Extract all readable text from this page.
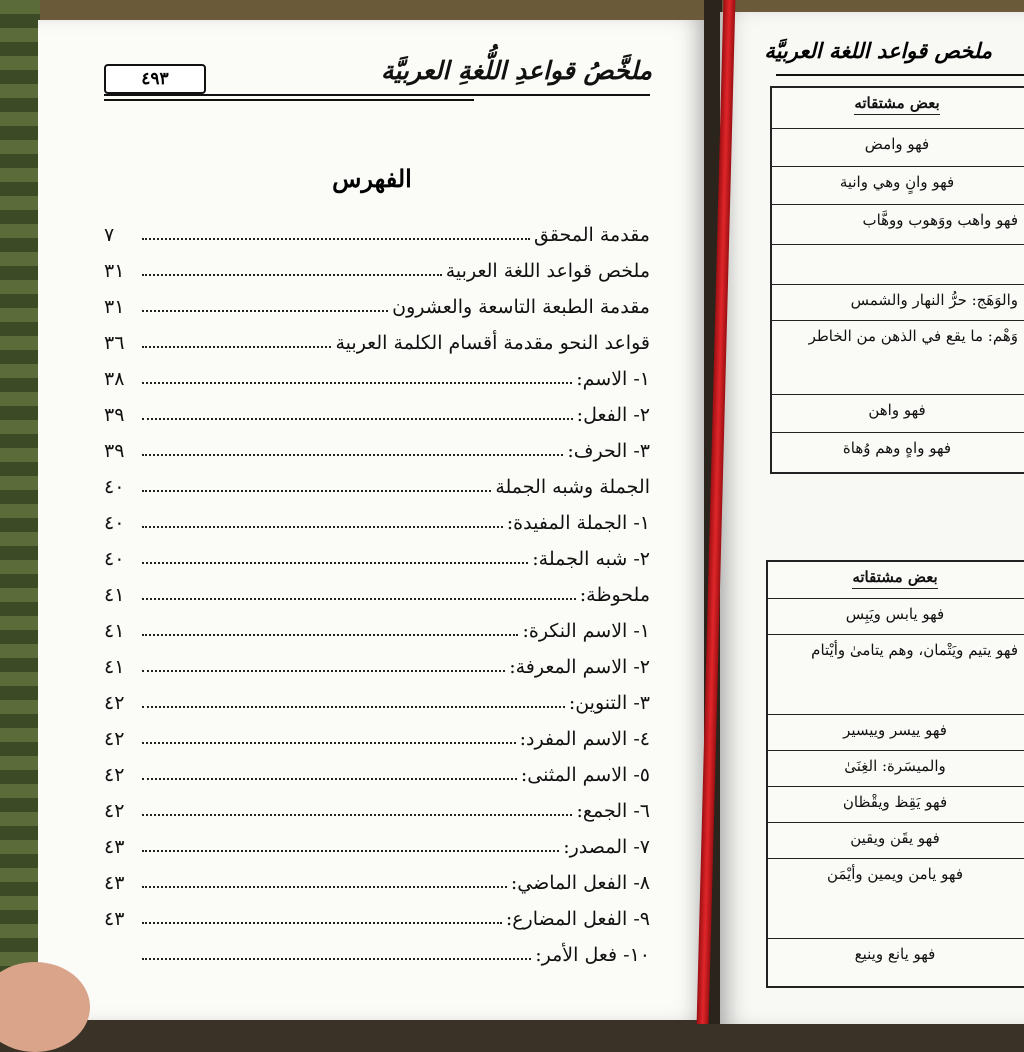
ملخَّصُ قواعدِ اللُّغةِ العربيَّة
٤٩٣
الفهرس
مقدمة المحقق
٧
ملخص قواعد اللغة العربية
٣١
مقدمة الطبعة التاسعة والعشرون
٣١
قواعد النحو مقدمة أقسام الكلمة العربية
٣٦
١- الاسم:
٣٨
٢- الفعل:
٣٩
٣- الحرف:
٣٩
الجملة وشبه الجملة
٤٠
١- الجملة المفيدة:
٤٠
٢- شبه الجملة:
٤٠
ملحوظة:
٤١
١- الاسم النكرة:
٤١
٢- الاسم المعرفة:
٤١
٣- التنوين:
٤٢
٤- الاسم المفرد:
٤٢
٥- الاسم المثنى:
٤٢
٦- الجمع:
٤٢
٧- المصدر:
٤٣
٨- الفعل الماضي:
٤٣
٩- الفعل المضارع:
٤٣
١٠- فعل الأمر:
ملخص قواعد اللغة العربيَّة
بعض مشتقاته
فهو وامض
فهو وانٍ وهي وانية
فهو واهب ووَهوب ووهَّاب
والوَهَج: حرُّ النهار والشمس
وَهْم: ما يقع في الذهن من الخاطر
فهو واهن
فهو واهٍ وهم وُهاة
بعض مشتقاته
فهو يابس ويَبِس
فهو يتيم ويَتْمان، وهم يتامىٰ وأيْتام
فهو ييسر وييسير
والميسَرة: الغِنَىٰ
فهو يَقِظ ويقْظان
فهو يقَن ويقين
فهو يامن ويمين وأيْمَن
فهو يانع وينيع
